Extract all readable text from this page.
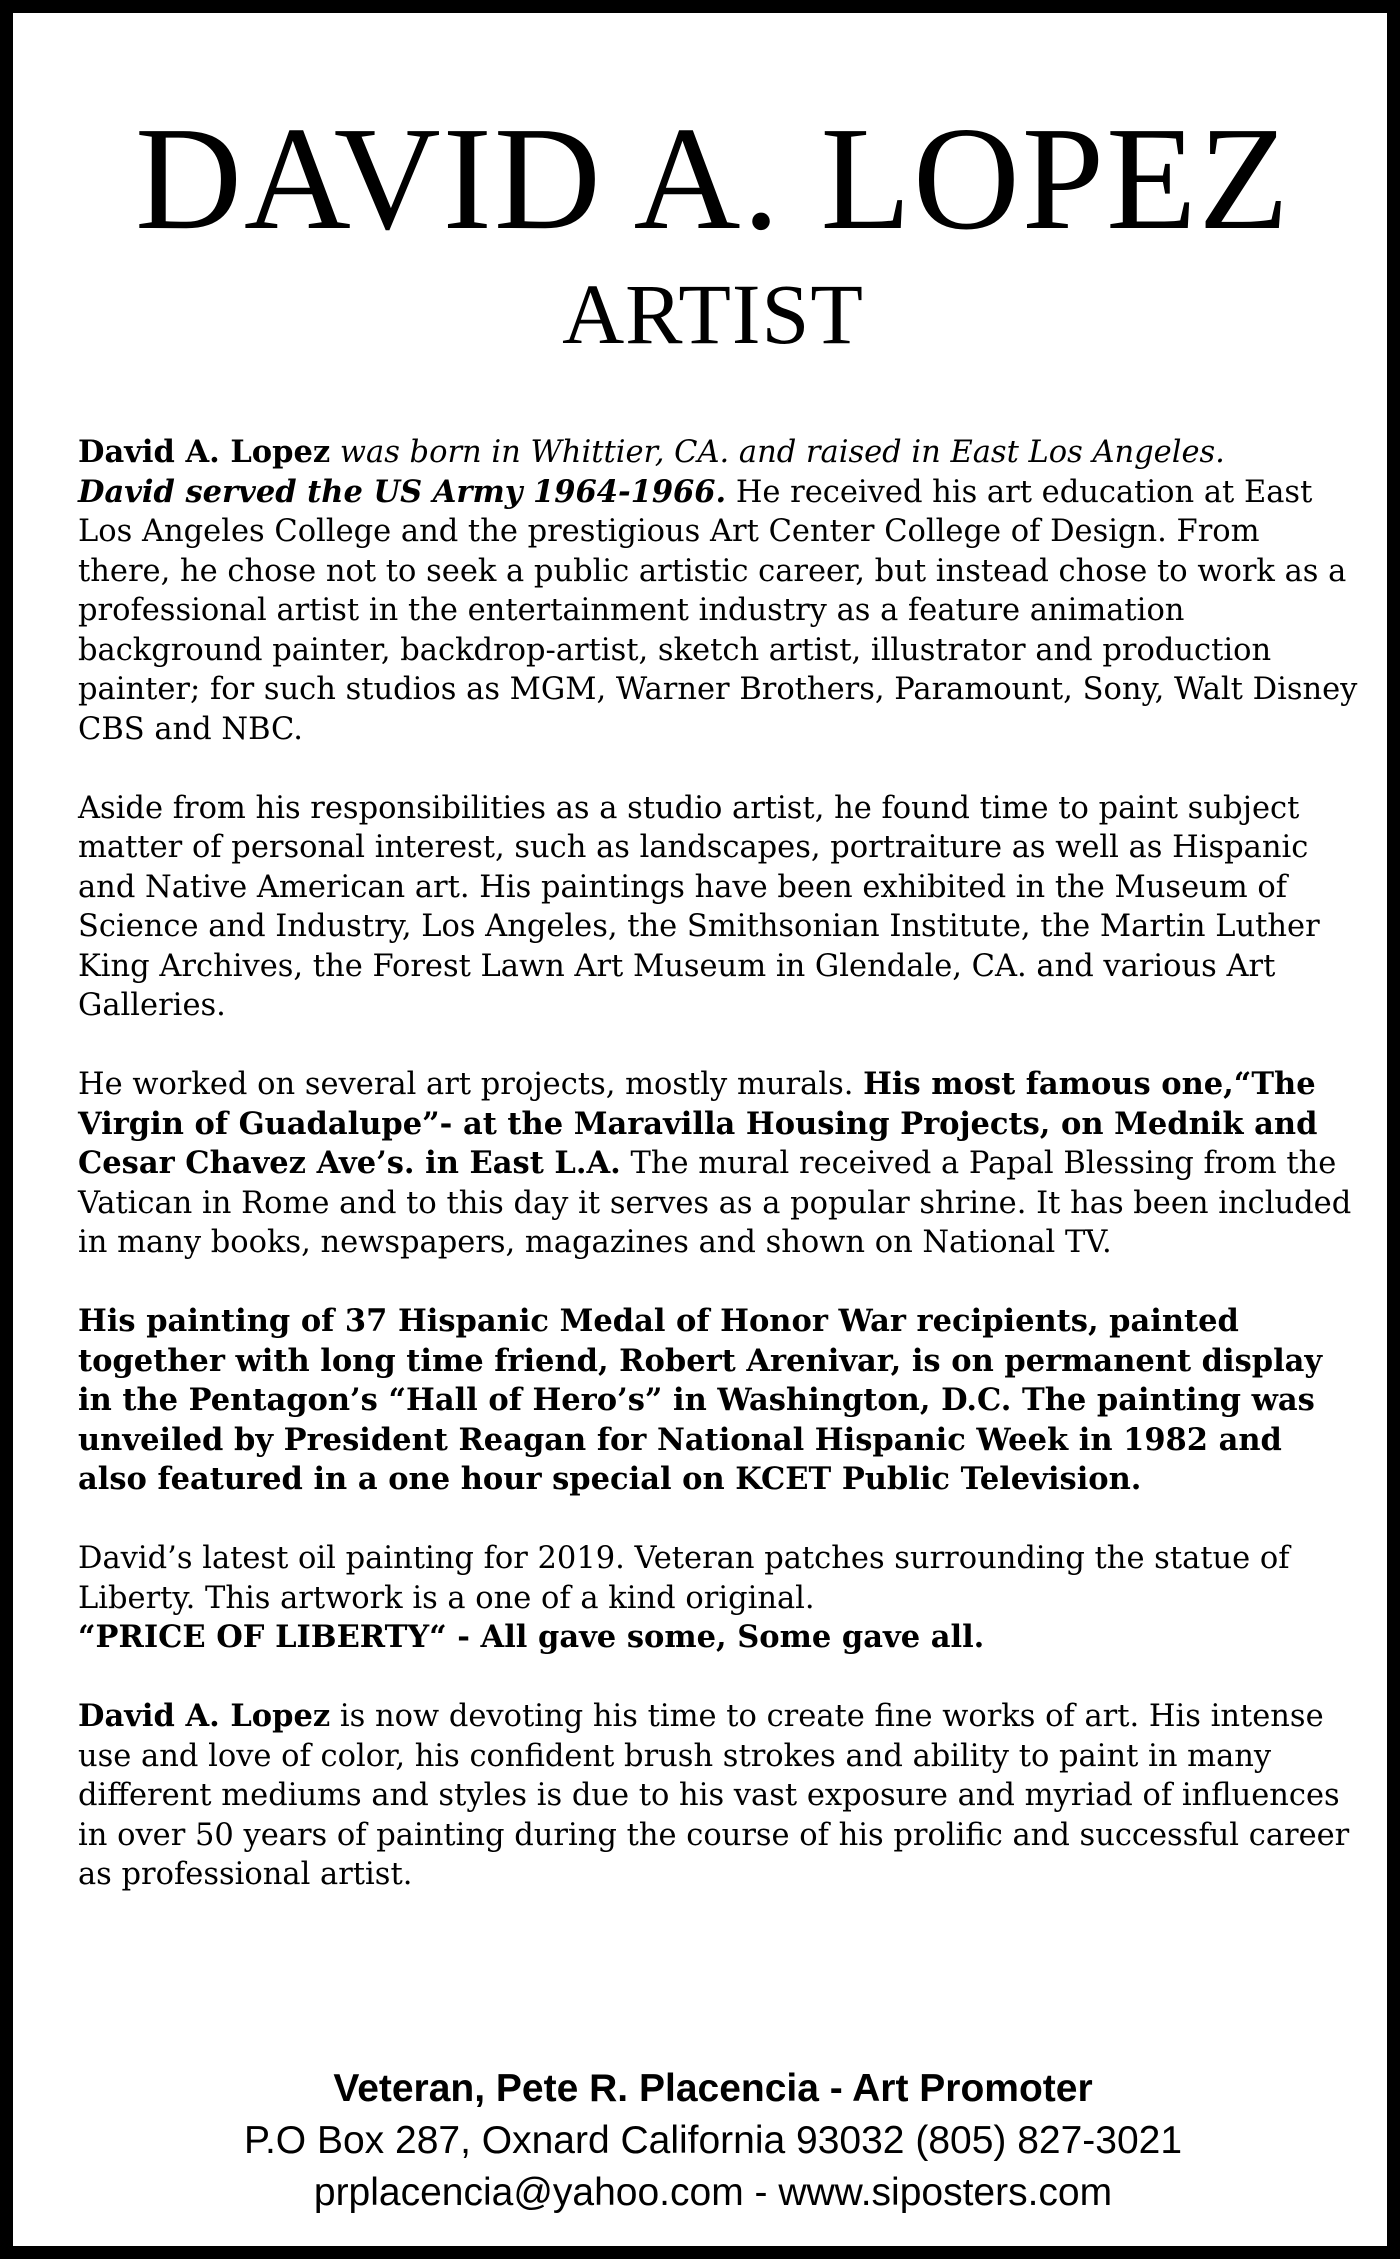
DAVID A. LOPEZ
ARTIST

David A. Lopez was born in Whittier, CA. and raised in East Los Angeles.
David served the US Army 1964-1966. He received his art education at East Los Angeles College and the prestigious Art Center College of Design. From there, he chose not to seek a public artistic career, but instead chose to work as a professional artist in the entertainment industry as a feature animation background painter, backdrop-artist, sketch artist, illustrator and production painter; for such studios as MGM, Warner Brothers, Paramount, Sony, Walt Disney CBS and NBC.

Aside from his responsibilities as a studio artist, he found time to paint subject matter of personal interest, such as landscapes, portraiture as well as Hispanic and Native American art. His paintings have been exhibited in the Museum of Science and Industry, Los Angeles, the Smithsonian Institute, the Martin Luther King Archives, the Forest Lawn Art Museum in Glendale, CA. and various Art Galleries.

He worked on several art projects, mostly murals. His most famous one,“The Virgin of Guadalupe”- at the Maravilla Housing Projects, on Mednik and Cesar Chavez Ave’s. in East L.A. The mural received a Papal Blessing from the Vatican in Rome and to this day it serves as a popular shrine. It has been included in many books, newspapers, magazines and shown on National TV.

His painting of 37 Hispanic Medal of Honor War recipients, painted together with long time friend, Robert Arenivar, is on permanent display in the Pentagon’s “Hall of Hero’s” in Washington, D.C. The painting was unveiled by President Reagan for National Hispanic Week in 1982 and also featured in a one hour special on KCET Public Television.

David’s latest oil painting for 2019. Veteran patches surrounding the statue of Liberty. This artwork is a one of a kind original.
“PRICE OF LIBERTY“ - All gave some, Some gave all.

David A. Lopez is now devoting his time to create fine works of art. His intense use and love of color, his confident brush strokes and ability to paint in many different mediums and styles is due to his vast exposure and myriad of influences in over 50 years of painting during the course of his prolific and successful career as professional artist.

Veteran, Pete R. Placencia - Art Promoter
P.O Box 287, Oxnard California 93032 (805) 827-3021
prplacencia@yahoo.com - www.siposters.com
